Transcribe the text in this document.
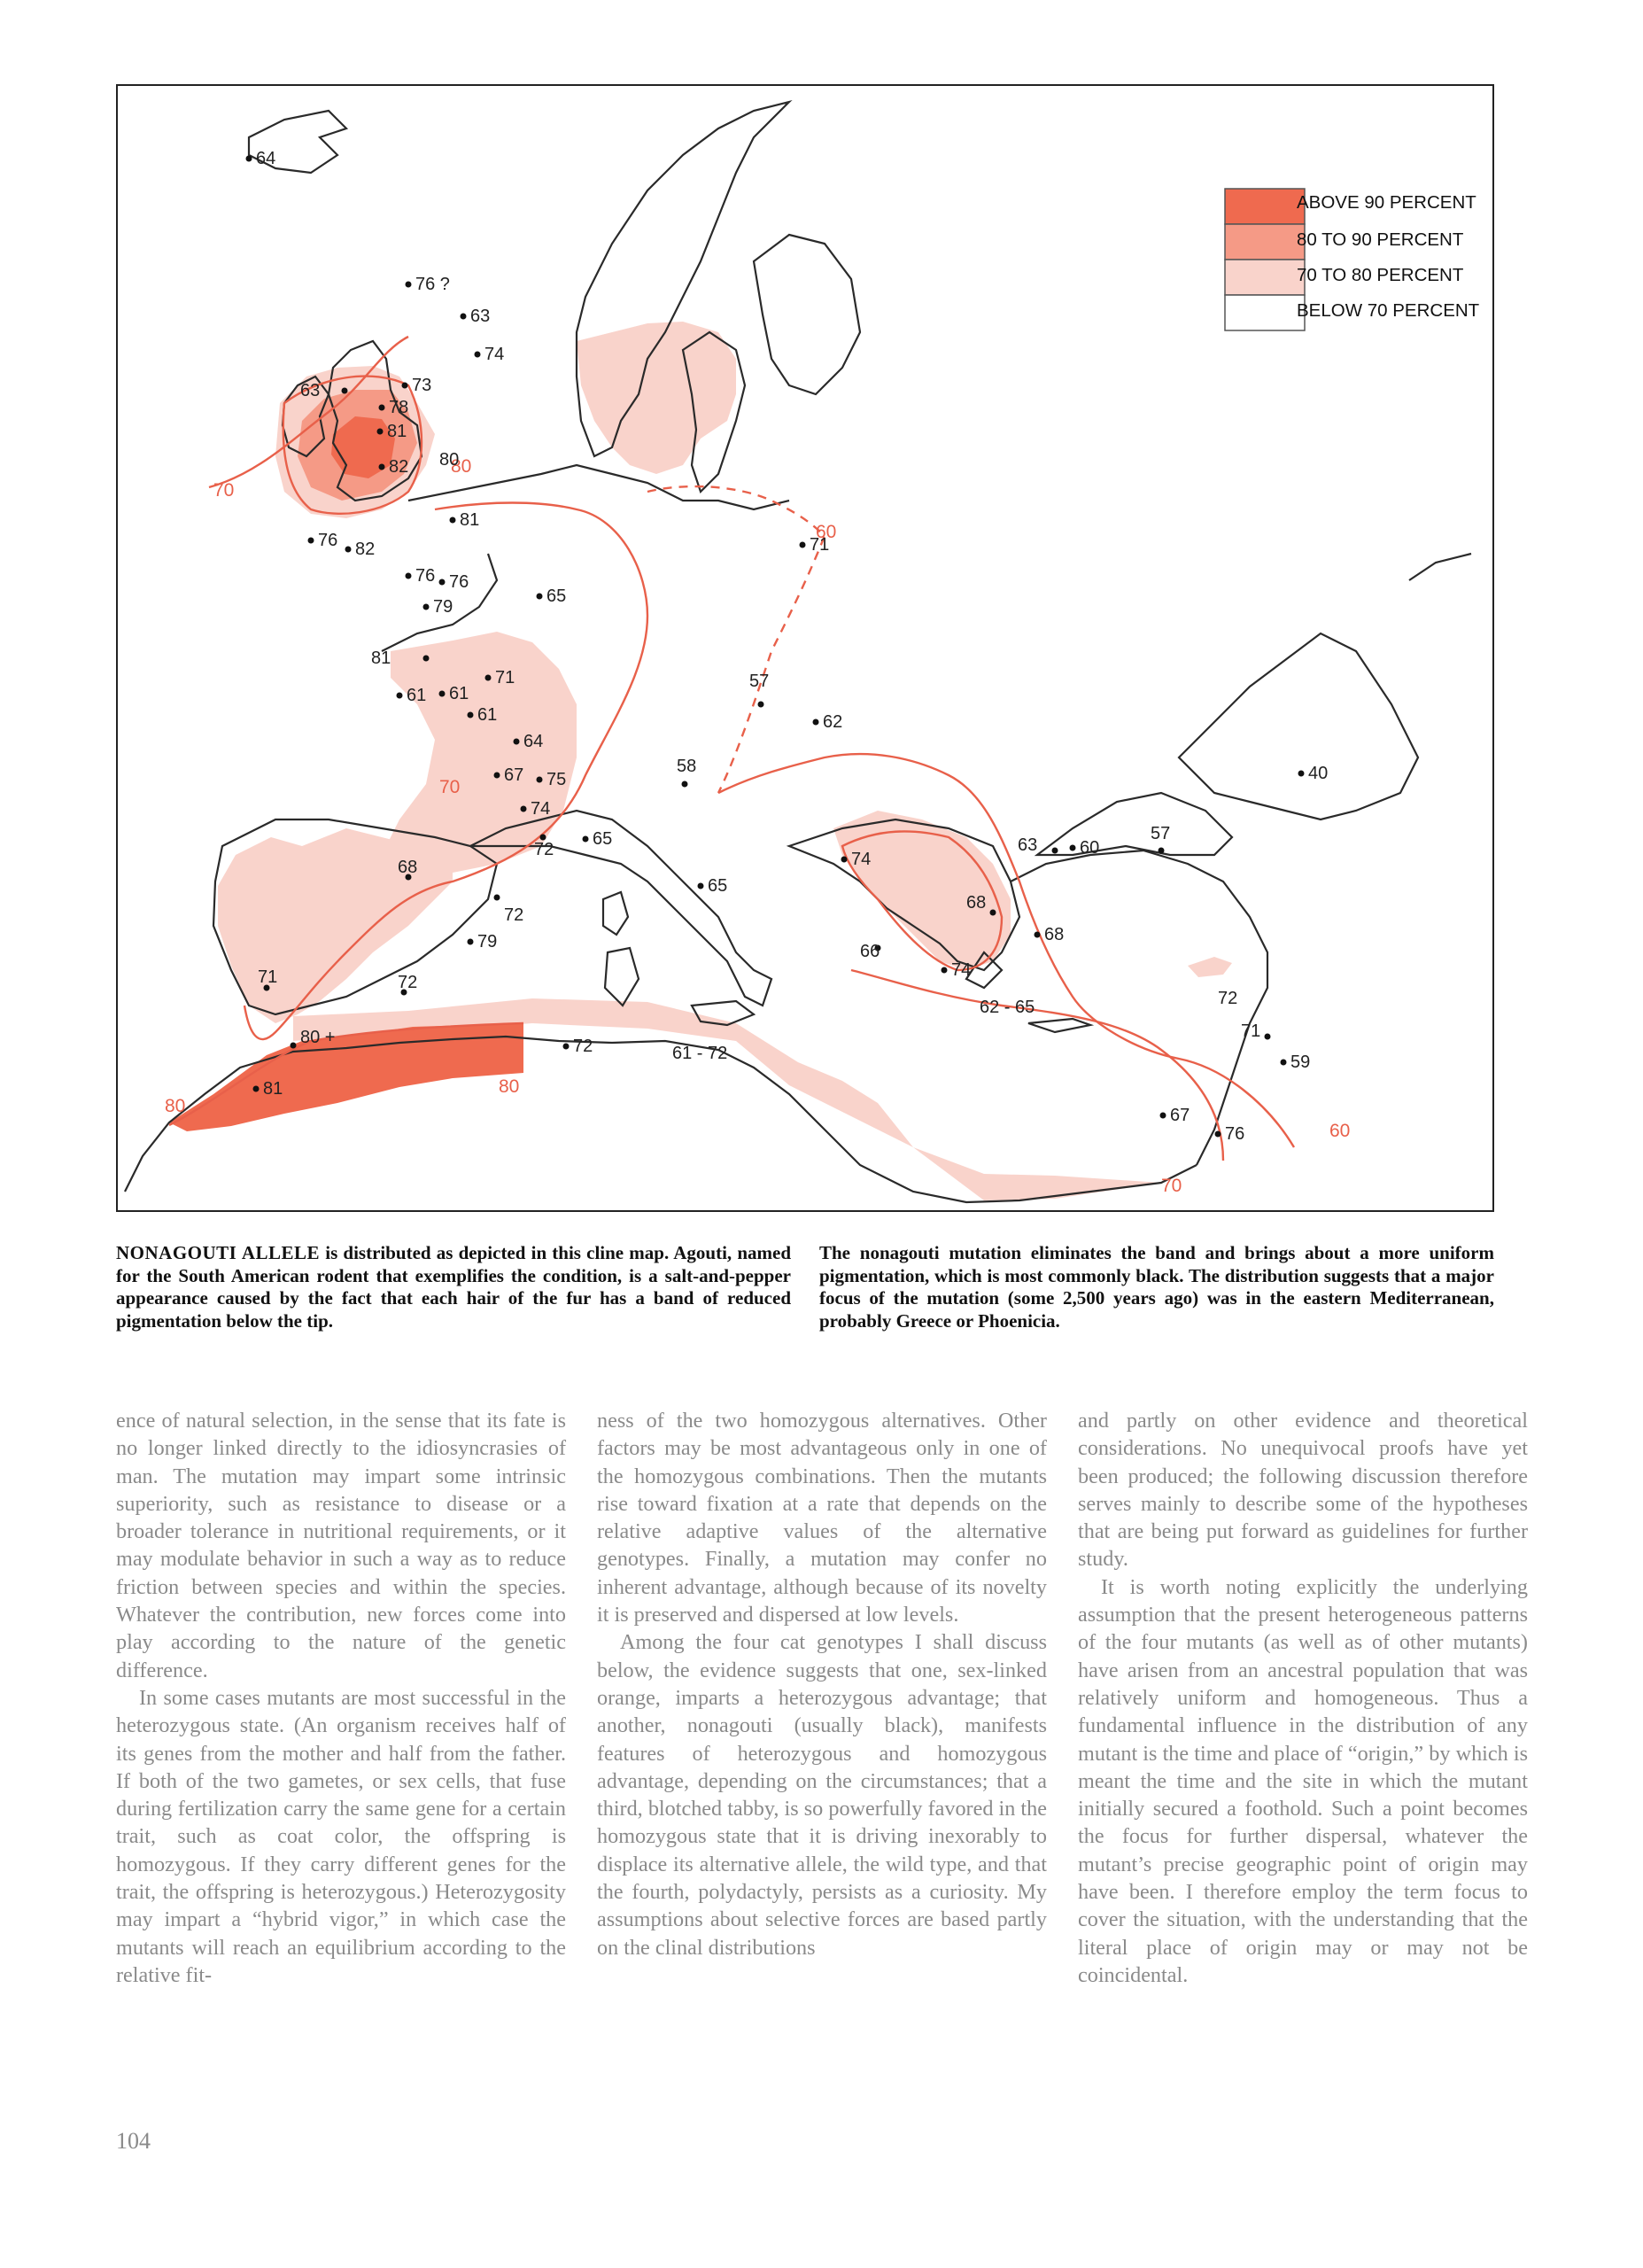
ABOVE 90 PERCENT
80 TO 90 PERCENT
70 TO 80 PERCENT
BELOW 70 PERCENT
70
80
60
70
80
80
60
70
64
76 ?
63
74
73
63
78
81
80
82
81
76 82
76 76
79
65
71
81
61 61
61
71
64
67 75
74
72
65
68
72
79
71	72
80 +
81
72	61 - 72
57
62
58
65
74
66
63 60
57
40
68
68
74
62 - 65	72
71
59
67
76

NONAGOUTI ALLELE is distributed as depicted in this cline map. Agouti, named for the South American rodent that exemplifies the condition, is a salt-and-pepper appearance caused by the fact that each hair of the fur has a band of reduced pigmentation below the tip.

The nonagouti mutation eliminates the band and brings about a more uniform pigmentation, which is most commonly black. The distribution suggests that a major focus of the mutation (some 2,500 years ago) was in the eastern Mediterranean, probably Greece or Phoenicia.

ence of natural selection, in the sense that its fate is no longer linked directly to the idiosyncrasies of man. The mutation may impart some intrinsic superiority, such as resistance to disease or a broader tolerance in nutritional requirements, or it may modulate behavior in such a way as to reduce friction between species and within the species. Whatever the contribution, new forces come into play according to the nature of the genetic difference.

In some cases mutants are most successful in the heterozygous state. (An organism receives half of its genes from the mother and half from the father. If both of the two gametes, or sex cells, that fuse during fertilization carry the same gene for a certain trait, such as coat color, the offspring is homozygous. If they carry different genes for the trait, the offspring is heterozygous.) Heterozygosity may impart a “hybrid vigor,” in which case the mutants will reach an equilibrium according to the relative fit-

ness of the two homozygous alternatives. Other factors may be most advantageous only in one of the homozygous combinations. Then the mutants rise toward fixation at a rate that depends on the relative adaptive values of the alternative genotypes. Finally, a mutation may confer no inherent advantage, although because of its novelty it is preserved and dispersed at low levels.

Among the four cat genotypes I shall discuss below, the evidence suggests that one, sex-linked orange, imparts a heterozygous advantage; that another, nonagouti (usually black), manifests features of heterozygous and homozygous advantage, depending on the circumstances; that a third, blotched tabby, is so powerfully favored in the homozygous state that it is driving inexorably to displace its alternative allele, the wild type, and that the fourth, polydactyly, persists as a curiosity. My assumptions about selective forces are based partly on the clinal distributions

and partly on other evidence and theoretical considerations. No unequivocal proofs have yet been produced; the following discussion therefore serves mainly to describe some of the hypotheses that are being put forward as guidelines for further study.

It is worth noting explicitly the underlying assumption that the present heterogeneous patterns of the four mutants (as well as of other mutants) have arisen from an ancestral population that was relatively uniform and homogeneous. Thus a fundamental influence in the distribution of any mutant is the time and place of “origin,” by which is meant the time and the site in which the mutant initially secured a foothold. Such a point becomes the focus for further dispersal, whatever the mutant’s precise geographic point of origin may have been. I therefore employ the term focus to cover the situation, with the understanding that the literal place of origin may or may not be coincidental.

104
